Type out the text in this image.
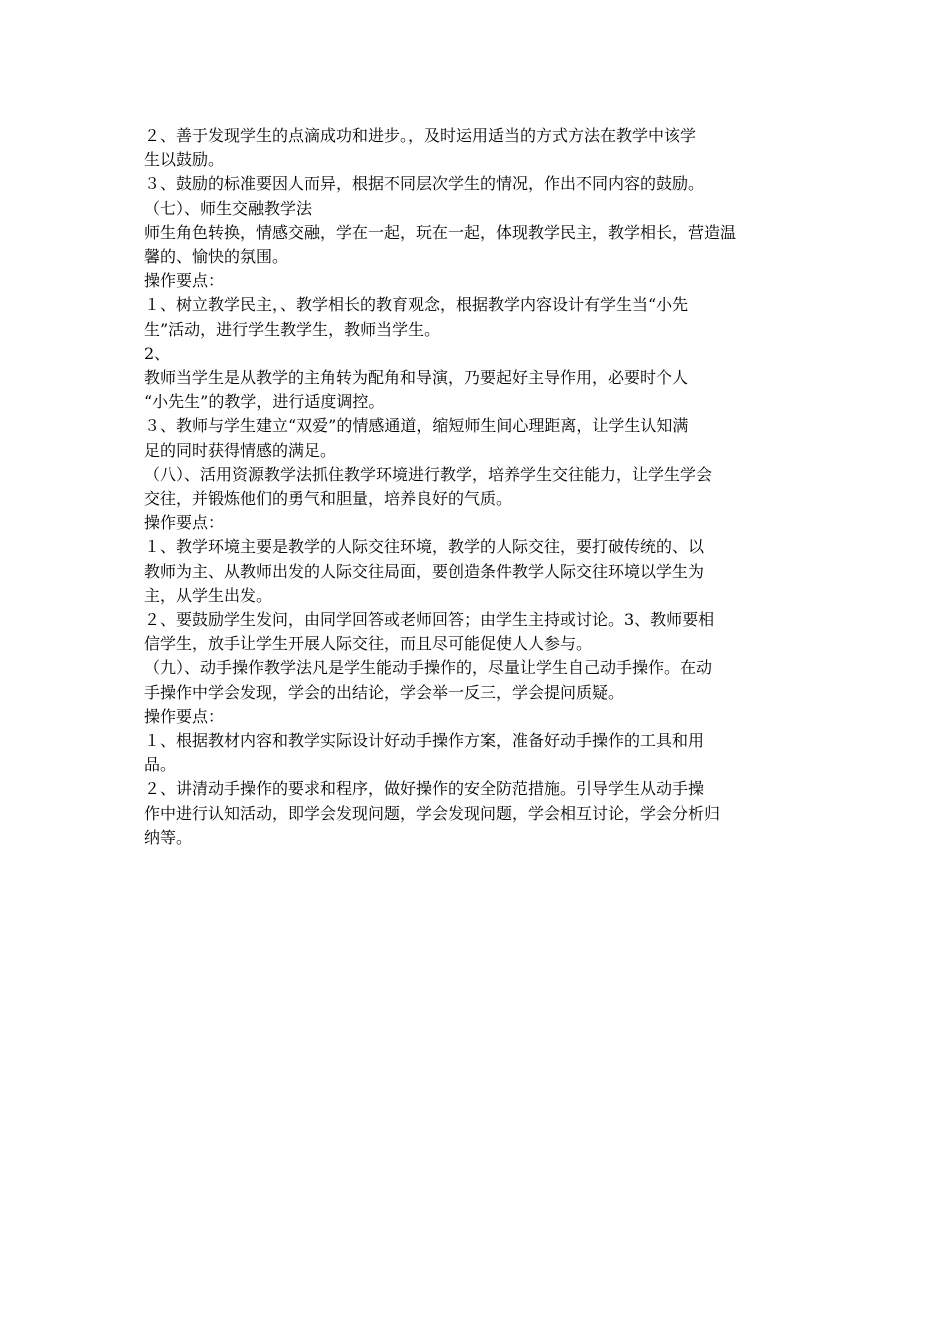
２、善于发现学生的点滴成功和进步。，及时运用适当的方式方法在教学中该学
生以鼓励。
３、鼓励的标准要因人而异，根据不同层次学生的情况，作出不同内容的鼓励。
（七）、师生交融教学法
师生角色转换，情感交融，学在一起，玩在一起，体现教学民主，教学相长，营造温
馨的、愉快的氛围。
操作要点：
１、树立教学民主，、教学相长的教育观念，根据教学内容设计有学生当“小先
生”活动，进行学生教学生，教师当学生。
2、
教师当学生是从教学的主角转为配角和导演，乃要起好主导作用，必要时个人
“小先生”的教学，进行适度调控。
３、教师与学生建立“双爱”的情感通道，缩短师生间心理距离，让学生认知满
足的同时获得情感的满足。
（八）、活用资源教学法抓住教学环境进行教学，培养学生交往能力，让学生学会
交往，并锻炼他们的勇气和胆量，培养良好的气质。
操作要点：
１、教学环境主要是教学的人际交往环境，教学的人际交往，要打破传统的、以
教师为主、从教师出发的人际交往局面，要创造条件教学人际交往环境以学生为
主，从学生出发。
２、要鼓励学生发问，由同学回答或老师回答；由学生主持或讨论。3、教师要相
信学生，放手让学生开展人际交往，而且尽可能促使人人参与。
（九）、动手操作教学法凡是学生能动手操作的，尽量让学生自己动手操作。在动
手操作中学会发现，学会的出结论，学会举一反三，学会提问质疑。
操作要点：
１、根据教材内容和教学实际设计好动手操作方案，准备好动手操作的工具和用
品。
２、讲清动手操作的要求和程序，做好操作的安全防范措施。引导学生从动手操
作中进行认知活动，即学会发现问题，学会发现问题，学会相互讨论，学会分析归
纳等。
